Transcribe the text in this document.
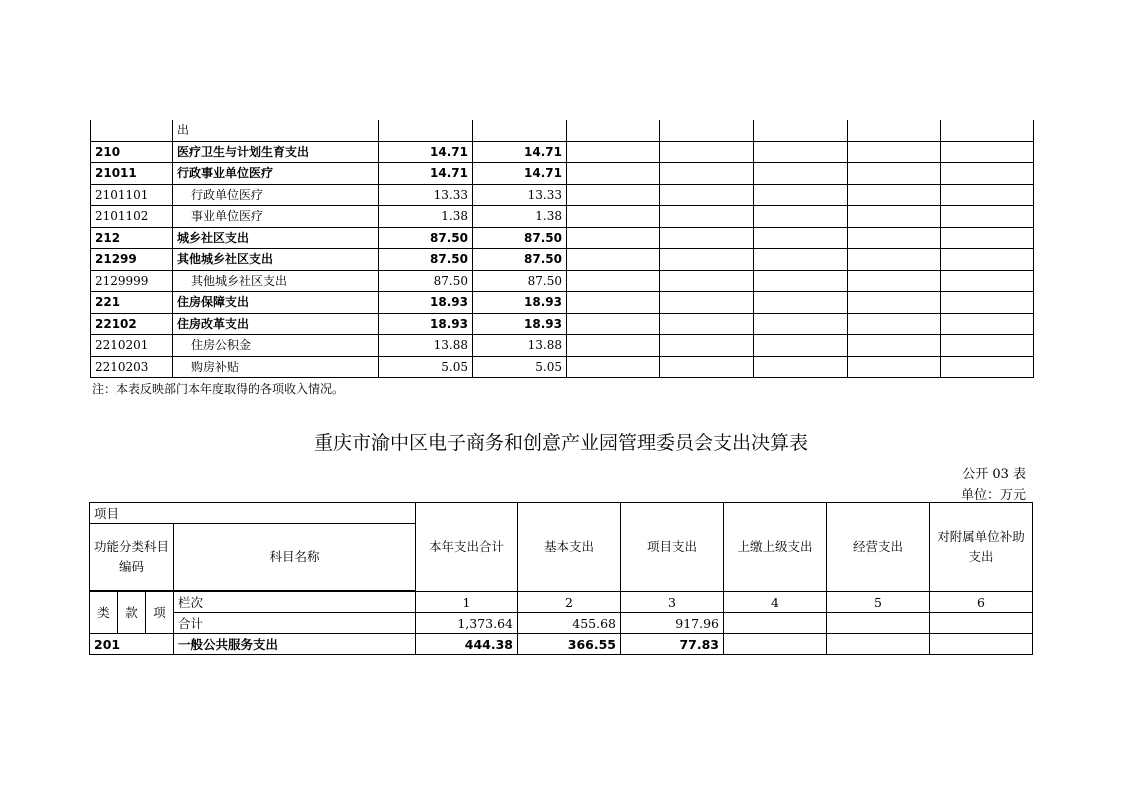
	出							
210	医疗卫生与计划生育支出	14.71	14.71					
21011	行政事业单位医疗	14.71	14.71					
2101101	行政单位医疗	13.33	13.33					
2101102	事业单位医疗	1.38	1.38					
212	城乡社区支出	87.50	87.50					
21299	其他城乡社区支出	87.50	87.50					
2129999	其他城乡社区支出	87.50	87.50					
221	住房保障支出	18.93	18.93					
22102	住房改革支出	18.93	18.93					
2210201	住房公积金	13.88	13.88					
2210203	购房补贴	5.05	5.05					
注：本表反映部门本年度取得的各项收入情况。
重庆市渝中区电子商务和创意产业园管理委员会支出决算表
公开 03 表
单位：万元
项目				本年支出合计	基本支出	项目支出	上缴上级支出	经营支出	对附属单位补助支出
功能分类科目编码			科目名称						

类	款	项	栏次	1	2	3	4	5	6
			合计	1,373.64	455.68	917.96			
201			一般公共服务支出	444.38	366.55	77.83			
